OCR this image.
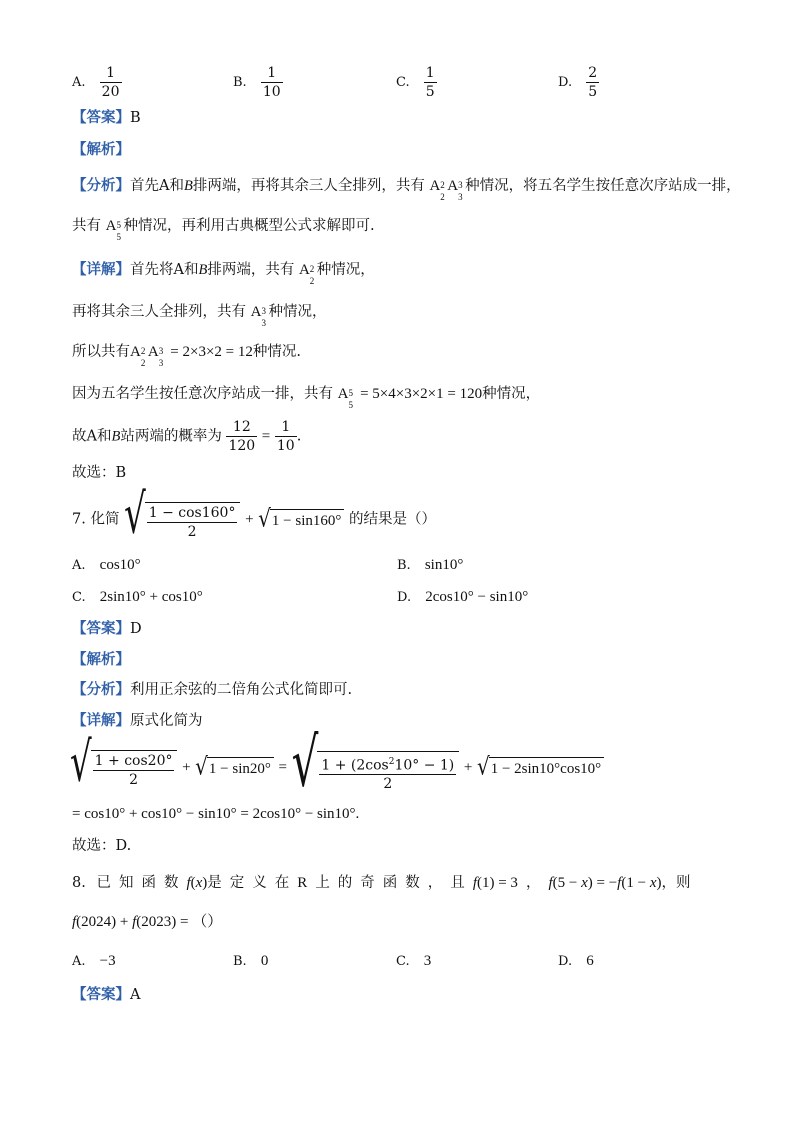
A. $\frac{1}{20}$	B. $\frac{1}{10}$	C. $\frac{1}{5}$	D. $\frac{2}{5}$
【答案】B
【解析】
【分析】首先A和B排两端，再将其余三人全排列，共有 A 2
2
A 3
3
种情况，将五名学生按任意次序站成一排，
共有 A 5
5
种情况，再利用古典概型公式求解即可.
【详解】首先将A和B排两端，共有 A 2
2
种情况，
再将其余三人全排列，共有 A 3
3
种情况，
所以共有A 2
2
A 3
3
= 2×3×2 = 12种情况.
因为五名学生按任意次序站成一排，共有 A 5
5
= 5×4×3×2×1 = 120种情况，
故A和B站两端的概率为 $\frac{12}{120} = \frac{1}{10}$ .
故选：B
7. 化简 √ $\frac{1 - \cos 160^\circ}{2} + √1 - \sin 160^\circ$ 的结果是（）
A. cos10°	B. sin10°
C. 2sin10° + cos10°	D. 2cos10° − sin10°
【答案】D
【解析】
【分析】利用正余弦的二倍角公式化简即可.
【详解】原式化简为
√ $\frac{1 + \cos 20^\circ}{2} + √1 - \sin 20^\circ$ = √ $\frac{1 + (2\cos^210^\circ - 1)}{2} + √1 - 2\sin 10^\circ\cos 10^\circ$
= cos10° + cos10° − sin10° = 2cos10° − sin10°.
故选：D.
8. 已知函数f(x)是定义在R 上的奇函数，且f(1) = 3 ， f(5 − x) = −f(1 − x)，则
f(2024) + f(2023) = （）
A. −3	B. 0	C. 3	D. 6
【答案】A
